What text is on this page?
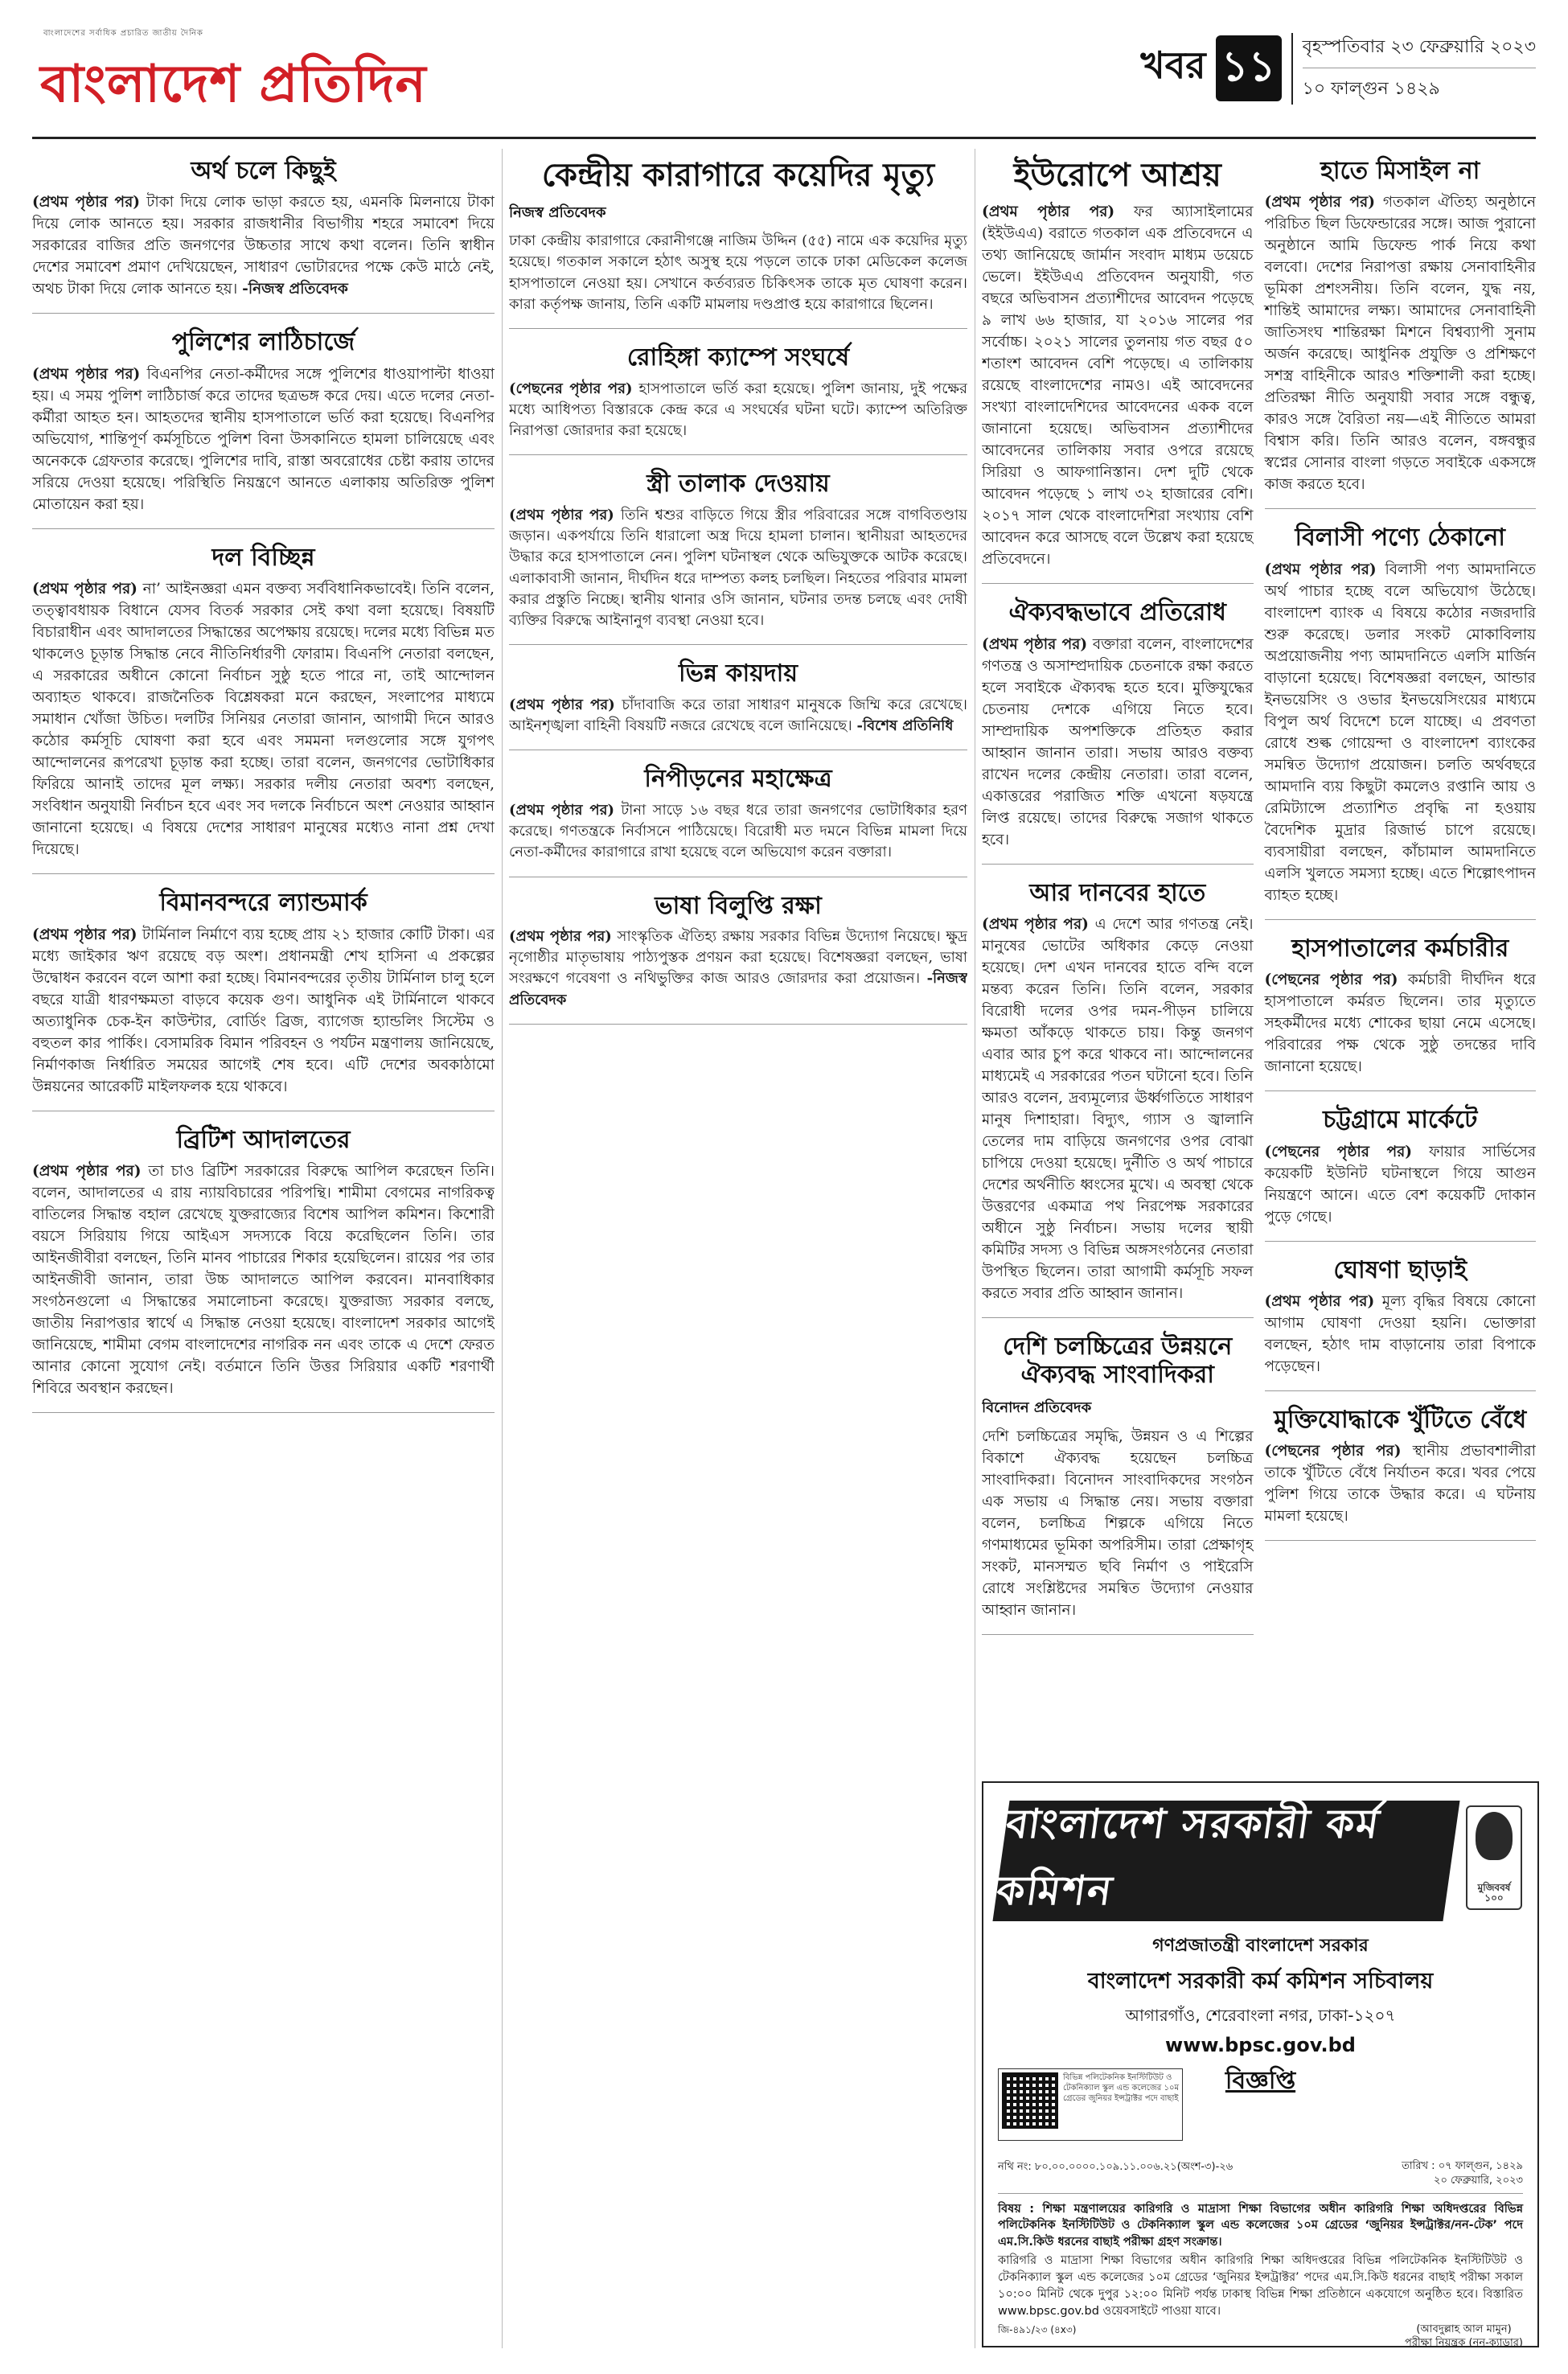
বাংলাদেশের সর্বাধিক প্রচারিত জাতীয় দৈনিক
বাংলাদেশ প্রতিদিন	খবর ১১	বৃহস্পতিবার ২৩ ফেব্রুয়ারি ২০২৩
১০ ফাল্গুন ১৪২৯
অর্থ চলে কিছুই

(প্রথম পৃষ্ঠার পর) টাকা দিয়ে লোক ভাড়া করতে হয়, এমনকি মিলনায়ে টাকা দিয়ে লোক আনতে হয়। সরকার রাজধানীর বিভাগীয় শহরে সমাবেশ দিয়ে সরকারের বাজির প্রতি জনগণের উচ্চতার সাথে কথা বলেন। তিনি স্বাধীন দেশের সমাবেশ প্রমাণ দেখিয়েছেন, সাধারণ ভোটারদের পক্ষে কেউ মাঠে নেই, অথচ টাকা দিয়ে লোক আনতে হয়। -নিজস্ব প্রতিবেদক

পুলিশের লাঠিচার্জে

(প্রথম পৃষ্ঠার পর) বিএনপির নেতা-কর্মীদের সঙ্গে পুলিশের ধাওয়াপাল্টা ধাওয়া হয়। এ সময় পুলিশ লাঠিচার্জ করে তাদের ছত্রভঙ্গ করে দেয়। এতে দলের নেতা-কর্মীরা আহত হন। আহতদের স্থানীয় হাসপাতালে ভর্তি করা হয়েছে। বিএনপির অভিযোগ, শান্তিপূর্ণ কর্মসূচিতে পুলিশ বিনা উসকানিতে হামলা চালিয়েছে এবং অনেককে গ্রেফতার করেছে। পুলিশের দাবি, রাস্তা অবরোধের চেষ্টা করায় তাদের সরিয়ে দেওয়া হয়েছে। পরিস্থিতি নিয়ন্ত্রণে আনতে এলাকায় অতিরিক্ত পুলিশ মোতায়েন করা হয়।

দল বিচ্ছিন্ন

(প্রথম পৃষ্ঠার পর) না’ আইনজ্ঞরা এমন বক্তব্য সর্ববিধানিকভাবেই। তিনি বলেন, তত্ত্বাবধায়ক বিধানে যেসব বিতর্ক সরকার সেই কথা বলা হয়েছে। বিষয়টি বিচারাধীন এবং আদালতের সিদ্ধান্তের অপেক্ষায় রয়েছে। দলের মধ্যে বিভিন্ন মত থাকলেও চূড়ান্ত সিদ্ধান্ত নেবে নীতিনির্ধারণী ফোরাম। বিএনপি নেতারা বলছেন, এ সরকারের অধীনে কোনো নির্বাচন সুষ্ঠু হতে পারে না, তাই আন্দোলন অব্যাহত থাকবে। রাজনৈতিক বিশ্লেষকরা মনে করছেন, সংলাপের মাধ্যমে সমাধান খোঁজা উচিত। দলটির সিনিয়র নেতারা জানান, আগামী দিনে আরও কঠোর কর্মসূচি ঘোষণা করা হবে এবং সমমনা দলগুলোর সঙ্গে যুগপৎ আন্দোলনের রূপরেখা চূড়ান্ত করা হচ্ছে। তারা বলেন, জনগণের ভোটাধিকার ফিরিয়ে আনাই তাদের মূল লক্ষ্য। সরকার দলীয় নেতারা অবশ্য বলছেন, সংবিধান অনুযায়ী নির্বাচন হবে এবং সব দলকে নির্বাচনে অংশ নেওয়ার আহ্বান জানানো হয়েছে। এ বিষয়ে দেশের সাধারণ মানুষের মধ্যেও নানা প্রশ্ন দেখা দিয়েছে।

বিমানবন্দরে ল্যান্ডমার্ক

(প্রথম পৃষ্ঠার পর) টার্মিনাল নির্মাণে ব্যয় হচ্ছে প্রায় ২১ হাজার কোটি টাকা। এর মধ্যে জাইকার ঋণ রয়েছে বড় অংশ। প্রধানমন্ত্রী শেখ হাসিনা এ প্রকল্পের উদ্বোধন করবেন বলে আশা করা হচ্ছে। বিমানবন্দরের তৃতীয় টার্মিনাল চালু হলে বছরে যাত্রী ধারণক্ষমতা বাড়বে কয়েক গুণ। আধুনিক এই টার্মিনালে থাকবে অত্যাধুনিক চেক-ইন কাউন্টার, বোর্ডিং ব্রিজ, ব্যাগেজ হ্যান্ডলিং সিস্টেম ও বহুতল কার পার্কিং। বেসামরিক বিমান পরিবহন ও পর্যটন মন্ত্রণালয় জানিয়েছে, নির্মাণকাজ নির্ধারিত সময়ের আগেই শেষ হবে। এটি দেশের অবকাঠামো উন্নয়নের আরেকটি মাইলফলক হয়ে থাকবে।

ব্রিটিশ আদালতের

(প্রথম পৃষ্ঠার পর) তা চাও ব্রিটিশ সরকারের বিরুদ্ধে আপিল করেছেন তিনি। বলেন, আদালতের এ রায় ন্যায়বিচারের পরিপন্থি। শামীমা বেগমের নাগরিকত্ব বাতিলের সিদ্ধান্ত বহাল রেখেছে যুক্তরাজ্যের বিশেষ আপিল কমিশন। কিশোরী বয়সে সিরিয়ায় গিয়ে আইএস সদস্যকে বিয়ে করেছিলেন তিনি। তার আইনজীবীরা বলছেন, তিনি মানব পাচারের শিকার হয়েছিলেন। রায়ের পর তার আইনজীবী জানান, তারা উচ্চ আদালতে আপিল করবেন। মানবাধিকার সংগঠনগুলো এ সিদ্ধান্তের সমালোচনা করেছে। যুক্তরাজ্য সরকার বলছে, জাতীয় নিরাপত্তার স্বার্থে এ সিদ্ধান্ত নেওয়া হয়েছে। বাংলাদেশ সরকার আগেই জানিয়েছে, শামীমা বেগম বাংলাদেশের নাগরিক নন এবং তাকে এ দেশে ফেরত আনার কোনো সুযোগ নেই। বর্তমানে তিনি উত্তর সিরিয়ার একটি শরণার্থী শিবিরে অবস্থান করছেন।

কেন্দ্রীয় কারাগারে কয়েদির মৃত্যু
নিজস্ব প্রতিবেদক

ঢাকা কেন্দ্রীয় কারাগারে কেরানীগঞ্জে নাজিম উদ্দিন (৫৫) নামে এক কয়েদির মৃত্যু হয়েছে। গতকাল সকালে হঠাৎ অসুস্থ হয়ে পড়লে তাকে ঢাকা মেডিকেল কলেজ হাসপাতালে নেওয়া হয়। সেখানে কর্তব্যরত চিকিৎসক তাকে মৃত ঘোষণা করেন। কারা কর্তৃপক্ষ জানায়, তিনি একটি মামলায় দণ্ডপ্রাপ্ত হয়ে কারাগারে ছিলেন।

রোহিঙ্গা ক্যাম্পে সংঘর্ষে

(পেছনের পৃষ্ঠার পর) হাসপাতালে ভর্তি করা হয়েছে। পুলিশ জানায়, দুই পক্ষের মধ্যে আধিপত্য বিস্তারকে কেন্দ্র করে এ সংঘর্ষের ঘটনা ঘটে। ক্যাম্পে অতিরিক্ত নিরাপত্তা জোরদার করা হয়েছে।

স্ত্রী তালাক দেওয়ায়

(প্রথম পৃষ্ঠার পর) তিনি শ্বশুর বাড়িতে গিয়ে স্ত্রীর পরিবারের সঙ্গে বাগবিতণ্ডায় জড়ান। একপর্যায়ে তিনি ধারালো অস্ত্র দিয়ে হামলা চালান। স্থানীয়রা আহতদের উদ্ধার করে হাসপাতালে নেন। পুলিশ ঘটনাস্থল থেকে অভিযুক্তকে আটক করেছে। এলাকাবাসী জানান, দীর্ঘদিন ধরে দাম্পত্য কলহ চলছিল। নিহতের পরিবার মামলা করার প্রস্তুতি নিচ্ছে। স্থানীয় থানার ওসি জানান, ঘটনার তদন্ত চলছে এবং দোষী ব্যক্তির বিরুদ্ধে আইনানুগ ব্যবস্থা নেওয়া হবে।

ভিন্ন কায়দায়

(প্রথম পৃষ্ঠার পর) চাঁদাবাজি করে তারা সাধারণ মানুষকে জিম্মি করে রেখেছে। আইনশৃঙ্খলা বাহিনী বিষয়টি নজরে রেখেছে বলে জানিয়েছে। -বিশেষ প্রতিনিধি

নিপীড়নের মহাক্ষেত্র

(প্রথম পৃষ্ঠার পর) টানা সাড়ে ১৬ বছর ধরে তারা জনগণের ভোটাধিকার হরণ করেছে। গণতন্ত্রকে নির্বাসনে পাঠিয়েছে। বিরোধী মত দমনে বিভিন্ন মামলা দিয়ে নেতা-কর্মীদের কারাগারে রাখা হয়েছে বলে অভিযোগ করেন বক্তারা।

ভাষা বিলুপ্তি রক্ষা

(প্রথম পৃষ্ঠার পর) সাংস্কৃতিক ঐতিহ্য রক্ষায় সরকার বিভিন্ন উদ্যোগ নিয়েছে। ক্ষুদ্র নৃগোষ্ঠীর মাতৃভাষায় পাঠ্যপুস্তক প্রণয়ন করা হয়েছে। বিশেষজ্ঞরা বলছেন, ভাষা সংরক্ষণে গবেষণা ও নথিভুক্তির কাজ আরও জোরদার করা প্রয়োজন। -নিজস্ব প্রতিবেদক

ইউরোপে আশ্রয়

(প্রথম পৃষ্ঠার পর) ফর অ্যাসাইলামের (ইইউএএ) বরাতে গতকাল এক প্রতিবেদনে এ তথ্য জানিয়েছে জার্মান সংবাদ মাধ্যম ডয়েচে ভেলে। ইইউএএ প্রতিবেদন অনুযায়ী, গত বছরে অভিবাসন প্রত্যাশীদের আবেদন পড়েছে ৯ লাখ ৬৬ হাজার, যা ২০১৬ সালের পর সর্বোচ্চ। ২০২১ সালের তুলনায় গত বছর ৫০ শতাংশ আবেদন বেশি পড়েছে। এ তালিকায় রয়েছে বাংলাদেশের নামও। এই আবেদনের সংখ্যা বাংলাদেশিদের আবেদনের একক বলে জানানো হয়েছে। অভিবাসন প্রত্যাশীদের আবেদনের তালিকায় সবার ওপরে রয়েছে সিরিয়া ও আফগানিস্তান। দেশ দুটি থেকে আবেদন পড়েছে ১ লাখ ৩২ হাজারের বেশি। ২০১৭ সাল থেকে বাংলাদেশিরা সংখ্যায় বেশি আবেদন করে আসছে বলে উল্লেখ করা হয়েছে প্রতিবেদনে।

ঐক্যবদ্ধভাবে প্রতিরোধ

(প্রথম পৃষ্ঠার পর) বক্তারা বলেন, বাংলাদেশের গণতন্ত্র ও অসাম্প্রদায়িক চেতনাকে রক্ষা করতে হলে সবাইকে ঐক্যবদ্ধ হতে হবে। মুক্তিযুদ্ধের চেতনায় দেশকে এগিয়ে নিতে হবে। সাম্প্রদায়িক অপশক্তিকে প্রতিহত করার আহ্বান জানান তারা। সভায় আরও বক্তব্য রাখেন দলের কেন্দ্রীয় নেতারা। তারা বলেন, একাত্তরের পরাজিত শক্তি এখনো ষড়যন্ত্রে লিপ্ত রয়েছে। তাদের বিরুদ্ধে সজাগ থাকতে হবে।

আর দানবের হাতে

(প্রথম পৃষ্ঠার পর) এ দেশে আর গণতন্ত্র নেই। মানুষের ভোটের অধিকার কেড়ে নেওয়া হয়েছে। দেশ এখন দানবের হাতে বন্দি বলে মন্তব্য করেন তিনি। তিনি বলেন, সরকার বিরোধী দলের ওপর দমন-পীড়ন চালিয়ে ক্ষমতা আঁকড়ে থাকতে চায়। কিন্তু জনগণ এবার আর চুপ করে থাকবে না। আন্দোলনের মাধ্যমেই এ সরকারের পতন ঘটানো হবে। তিনি আরও বলেন, দ্রব্যমূল্যের ঊর্ধ্বগতিতে সাধারণ মানুষ দিশাহারা। বিদ্যুৎ, গ্যাস ও জ্বালানি তেলের দাম বাড়িয়ে জনগণের ওপর বোঝা চাপিয়ে দেওয়া হয়েছে। দুর্নীতি ও অর্থ পাচারে দেশের অর্থনীতি ধ্বংসের মুখে। এ অবস্থা থেকে উত্তরণের একমাত্র পথ নিরপেক্ষ সরকারের অধীনে সুষ্ঠু নির্বাচন। সভায় দলের স্থায়ী কমিটির সদস্য ও বিভিন্ন অঙ্গসংগঠনের নেতারা উপস্থিত ছিলেন। তারা আগামী কর্মসূচি সফল করতে সবার প্রতি আহ্বান জানান।

দেশি চলচ্চিত্রের উন্নয়নে ঐক্যবদ্ধ সাংবাদিকরা
বিনোদন প্রতিবেদক

দেশি চলচ্চিত্রের সমৃদ্ধি, উন্নয়ন ও এ শিল্পের বিকাশে ঐক্যবদ্ধ হয়েছেন চলচ্চিত্র সাংবাদিকরা। বিনোদন সাংবাদিকদের সংগঠন এক সভায় এ সিদ্ধান্ত নেয়। সভায় বক্তারা বলেন, চলচ্চিত্র শিল্পকে এগিয়ে নিতে গণমাধ্যমের ভূমিকা অপরিসীম। তারা প্রেক্ষাগৃহ সংকট, মানসম্মত ছবি নির্মাণ ও পাইরেসি রোধে সংশ্লিষ্টদের সমন্বিত উদ্যোগ নেওয়ার আহ্বান জানান।

হাতে মিসাইল না

(প্রথম পৃষ্ঠার পর) গতকাল ঐতিহ্য অনুষ্ঠানে পরিচিত ছিল ডিফেন্ডারের সঙ্গে। আজ পুরানো অনুষ্ঠানে আমি ডিফেন্ড পার্ক নিয়ে কথা বলবো। দেশের নিরাপত্তা রক্ষায় সেনাবাহিনীর ভূমিকা প্রশংসনীয়। তিনি বলেন, যুদ্ধ নয়, শান্তিই আমাদের লক্ষ্য। আমাদের সেনাবাহিনী জাতিসংঘ শান্তিরক্ষা মিশনে বিশ্বব্যাপী সুনাম অর্জন করেছে। আধুনিক প্রযুক্তি ও প্রশিক্ষণে সশস্ত্র বাহিনীকে আরও শক্তিশালী করা হচ্ছে। প্রতিরক্ষা নীতি অনুযায়ী সবার সঙ্গে বন্ধুত্ব, কারও সঙ্গে বৈরিতা নয়—এই নীতিতে আমরা বিশ্বাস করি। তিনি আরও বলেন, বঙ্গবন্ধুর স্বপ্নের সোনার বাংলা গড়তে সবাইকে একসঙ্গে কাজ করতে হবে।

বিলাসী পণ্যে ঠেকানো

(প্রথম পৃষ্ঠার পর) বিলাসী পণ্য আমদানিতে অর্থ পাচার হচ্ছে বলে অভিযোগ উঠেছে। বাংলাদেশ ব্যাংক এ বিষয়ে কঠোর নজরদারি শুরু করেছে। ডলার সংকট মোকাবিলায় অপ্রয়োজনীয় পণ্য আমদানিতে এলসি মার্জিন বাড়ানো হয়েছে। বিশেষজ্ঞরা বলছেন, আন্ডার ইনভয়েসিং ও ওভার ইনভয়েসিংয়ের মাধ্যমে বিপুল অর্থ বিদেশে চলে যাচ্ছে। এ প্রবণতা রোধে শুল্ক গোয়েন্দা ও বাংলাদেশ ব্যাংকের সমন্বিত উদ্যোগ প্রয়োজন। চলতি অর্থবছরে আমদানি ব্যয় কিছুটা কমলেও রপ্তানি আয় ও রেমিট্যান্সে প্রত্যাশিত প্রবৃদ্ধি না হওয়ায় বৈদেশিক মুদ্রার রিজার্ভ চাপে রয়েছে। ব্যবসায়ীরা বলছেন, কাঁচামাল আমদানিতে এলসি খুলতে সমস্যা হচ্ছে। এতে শিল্পোৎপাদন ব্যাহত হচ্ছে।

হাসপাতালের কর্মচারীর

(পেছনের পৃষ্ঠার পর) কর্মচারী দীর্ঘদিন ধরে হাসপাতালে কর্মরত ছিলেন। তার মৃত্যুতে সহকর্মীদের মধ্যে শোকের ছায়া নেমে এসেছে। পরিবারের পক্ষ থেকে সুষ্ঠু তদন্তের দাবি জানানো হয়েছে।

চট্টগ্রামে মার্কেটে

(পেছনের পৃষ্ঠার পর) ফায়ার সার্ভিসের কয়েকটি ইউনিট ঘটনাস্থলে গিয়ে আগুন নিয়ন্ত্রণে আনে। এতে বেশ কয়েকটি দোকান পুড়ে গেছে।

ঘোষণা ছাড়াই

(প্রথম পৃষ্ঠার পর) মূল্য বৃদ্ধির বিষয়ে কোনো আগাম ঘোষণা দেওয়া হয়নি। ভোক্তারা বলছেন, হঠাৎ দাম বাড়ানোয় তারা বিপাকে পড়েছেন।

মুক্তিযোদ্ধাকে খুঁটিতে বেঁধে

(পেছনের পৃষ্ঠার পর) স্থানীয় প্রভাবশালীরা তাকে খুঁটিতে বেঁধে নির্যাতন করে। খবর পেয়ে পুলিশ গিয়ে তাকে উদ্ধার করে। এ ঘটনায় মামলা হয়েছে।

বাংলাদেশ সরকারী কর্ম কমিশন	মুজিববর্ষ ১০০
গণপ্রজাতন্ত্রী বাংলাদেশ সরকার
বাংলাদেশ সরকারী কর্ম কমিশন সচিবালয়
আগারগাঁও, শেরেবাংলা নগর, ঢাকা-১২০৭
www.bpsc.gov.bd
বিজ্ঞপ্তি
বিভিন্ন পলিটেকনিক ইনস্টিটিউট ও টেকনিক্যাল স্কুল এন্ড কলেজের ১০ম গ্রেডের জুনিয়র ইন্সট্রাক্টর পদে বাছাই
নথি নং: ৮০.০০.০০০০.১০৯.১১.০০৬.২১(অংশ-৩)-২৬	তারিখ : ০৭ ফাল্গুন, ১৪২৯
২০ ফেব্রুয়ারি, ২০২৩
বিষয় : শিক্ষা মন্ত্রণালয়ের কারিগরি ও মাদ্রাসা শিক্ষা বিভাগের অধীন কারিগরি শিক্ষা অধিদপ্তরের বিভিন্ন পলিটেকনিক ইনস্টিটিউট ও টেকনিক্যাল স্কুল এন্ড কলেজের ১০ম গ্রেডের ‘জুনিয়র ইন্সট্রাক্টর/নন-টেক’ পদে এম.সি.কিউ ধরনের বাছাই পরীক্ষা গ্রহণ সংক্রান্ত।
কারিগরি ও মাদ্রাসা শিক্ষা বিভাগের অধীন কারিগরি শিক্ষা অধিদপ্তরের বিভিন্ন পলিটেকনিক ইনস্টিটিউট ও টেকনিক্যাল স্কুল এন্ড কলেজের ১০ম গ্রেডের ‘জুনিয়র ইন্সট্রাক্টর’ পদের এম.সি.কিউ ধরনের বাছাই পরীক্ষা সকাল ১০:০০ মিনিট থেকে দুপুর ১২:০০ মিনিট পর্যন্ত ঢাকাস্থ বিভিন্ন শিক্ষা প্রতিষ্ঠানে একযোগে অনুষ্ঠিত হবে। বিস্তারিত www.bpsc.gov.bd ওয়েবসাইটে পাওয়া যাবে।
জি-৪৯১/২৩ (৪x৩)	(আবদুল্লাহ আল মামুন)
পরীক্ষা নিয়ন্ত্রক (নন-ক্যাডার)
